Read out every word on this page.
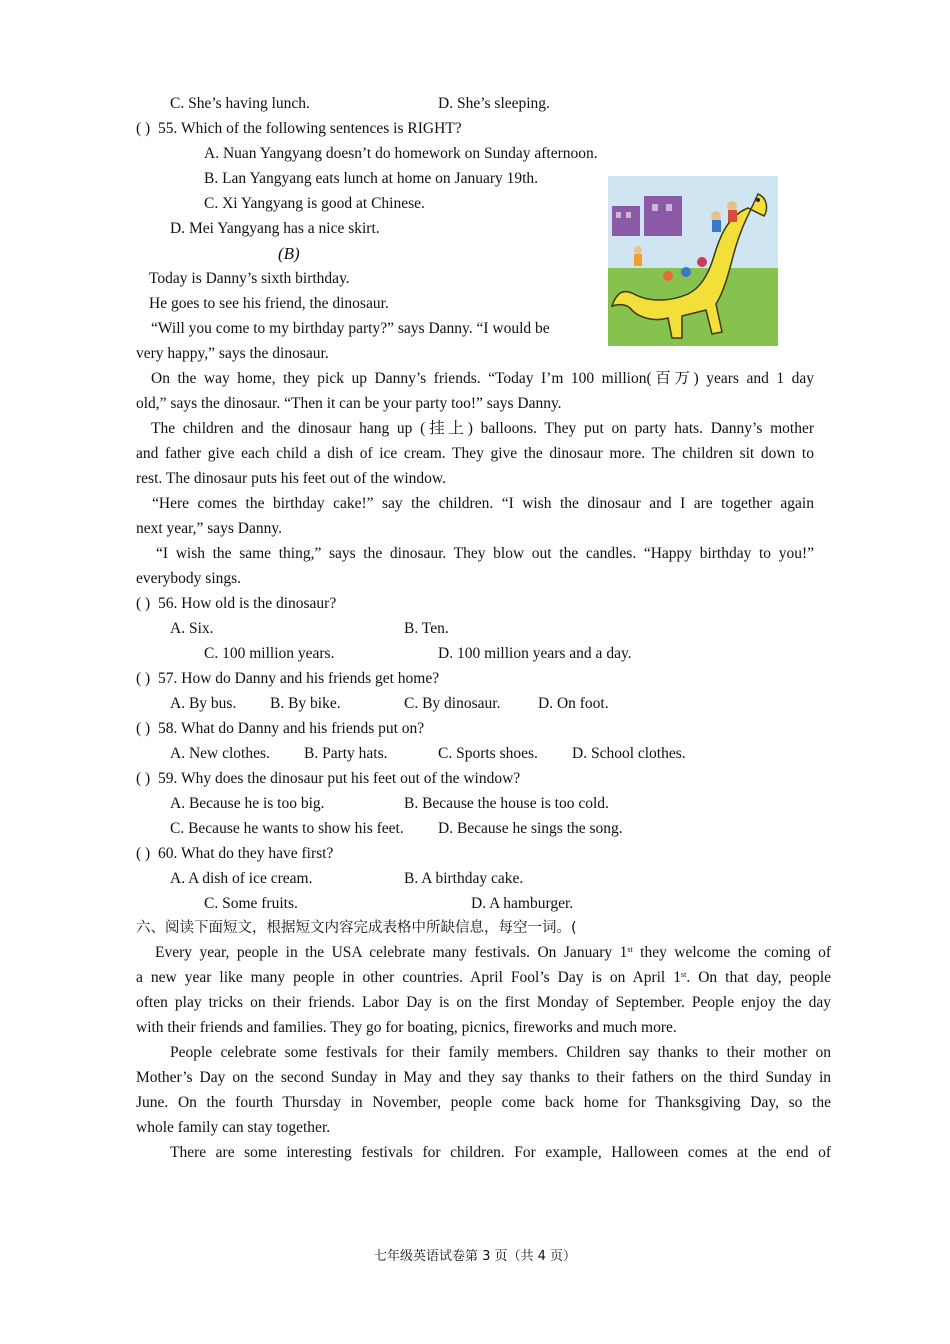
C. She’s having lunch.	D. She’s sleeping.
( ) 55. Which of the following sentences is RIGHT?
A. Nuan Yangyang doesn’t do homework on Sunday afternoon.
B. Lan Yangyang eats lunch at home on January 19th.
C. Xi Yangyang is good at Chinese.
D. Mei Yangyang has a nice skirt.
(B)
Today is Danny’s sixth birthday.
He goes to see his friend, the dinosaur.
“Will you come to my birthday party?” says Danny. “I would be
very happy,” says the dinosaur.
On the way home, they pick up Danny’s friends. “Today I’m 100 million(百万) years and 1 day
old,” says the dinosaur. “Then it can be your party too!” says Danny.
The children and the dinosaur hang up (挂上) balloons. They put on party hats. Danny’s mother
and father give each child a dish of ice cream. They give the dinosaur more. The children sit down to
rest. The dinosaur puts his feet out of the window.
“Here comes the birthday cake!” say the children. “I wish the dinosaur and I are together again
next year,” says Danny.
“I wish the same thing,” says the dinosaur. They blow out the candles. “Happy birthday to you!”
everybody sings.
( ) 56. How old is the dinosaur?
A. Six.	B. Ten.
C. 100 million years.	D. 100 million years and a day.
( ) 57. How do Danny and his friends get home?
A. By bus. B. By bike.	C. By dinosaur. D. On foot.
( ) 58. What do Danny and his friends put on?
A. New clothes. B. Party hats.	C. Sports shoes. D. School clothes.
( ) 59. Why does the dinosaur put his feet out of the window?
A. Because he is too big.	B. Because the house is too cold.
C. Because he wants to show his feet. D. Because he sings the song.
( ) 60. What do they have first?
A. A dish of ice cream.	B. A birthday cake.
C. Some fruits.	D. A hamburger.
六、阅读下面短文，根据短文内容完成表格中所缺信息，每空一词。(
Every year, people in the USA celebrate many festivals. On January 1st they welcome the coming of
a new year like many people in other countries. April Fool’s Day is on April 1st. On that day, people
often play tricks on their friends. Labor Day is on the first Monday of September. People enjoy the day
with their friends and families. They go for boating, picnics, fireworks and much more.
People celebrate some festivals for their family members. Children say thanks to their mother on
Mother’s Day on the second Sunday in May and they say thanks to their fathers on the third Sunday in
June. On the fourth Thursday in November, people come back home for Thanksgiving Day, so the
whole family can stay together.
There are some interesting festivals for children. For example, Halloween comes at the end of
七年级英语试卷第 3 页（共 4 页）
